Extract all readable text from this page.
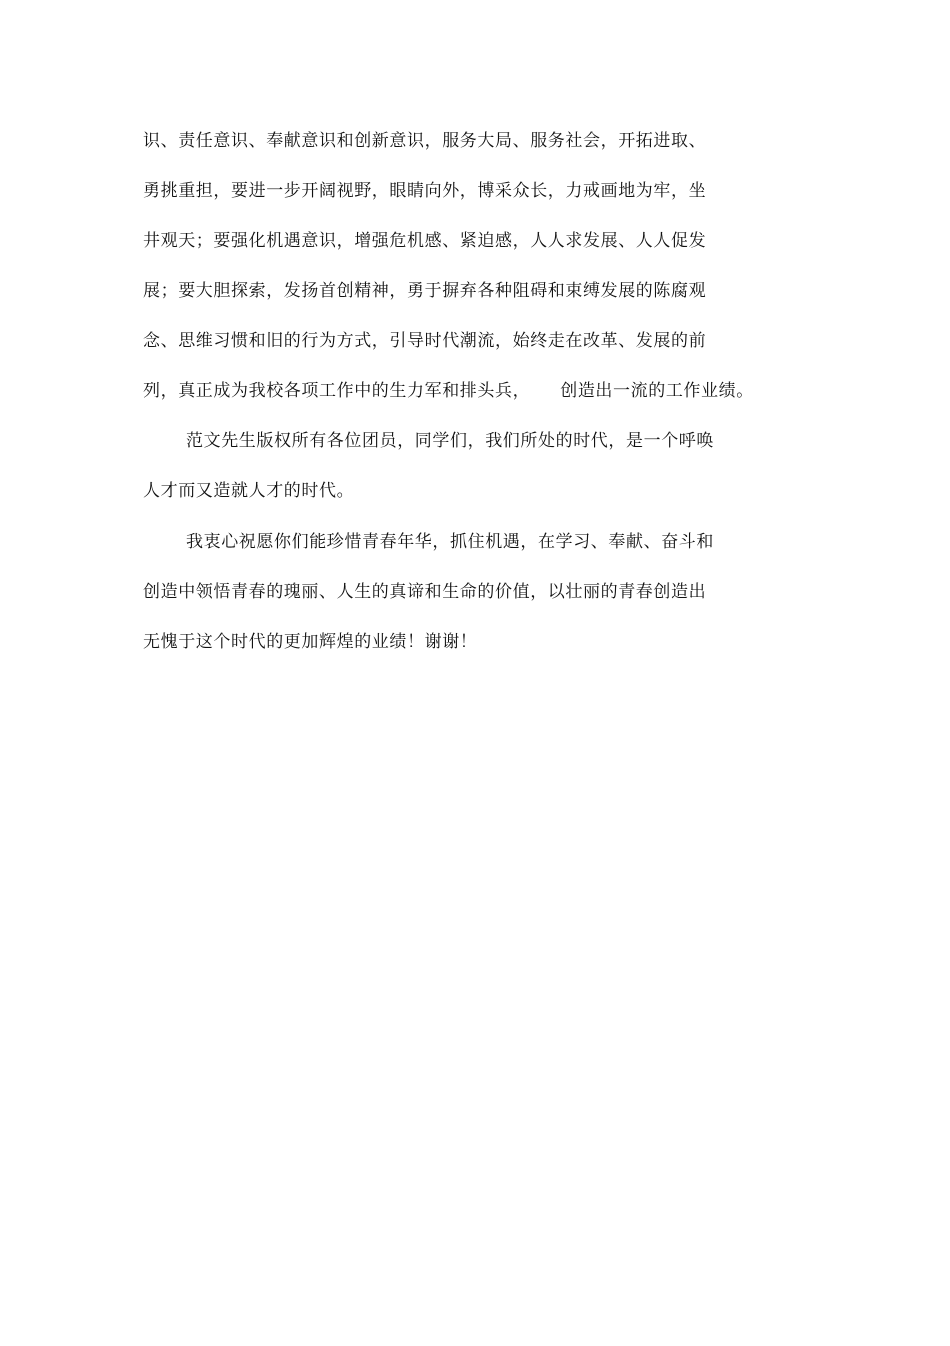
识、责任意识、奉献意识和创新意识，服务大局、服务社会，开拓进取、
勇挑重担，要进一步开阔视野，眼睛向外，博采众长，力戒画地为牢，坐
井观天；要强化机遇意识，增强危机感、紧迫感，人人求发展、人人促发
展；要大胆探索，发扬首创精神，勇于摒弃各种阻碍和束缚发展的陈腐观
念、思维习惯和旧的行为方式，引导时代潮流，始终走在改革、发展的前
列，真正成为我校各项工作中的生力军和排头兵，     创造出一流的工作业绩。
范文先生版权所有各位团员，同学们，我们所处的时代，是一个呼唤
人才而又造就人才的时代。
我衷心祝愿你们能珍惜青春年华，抓住机遇，在学习、奉献、奋斗和
创造中领悟青春的瑰丽、人生的真谛和生命的价值，以壮丽的青春创造出
无愧于这个时代的更加辉煌的业绩！谢谢！
